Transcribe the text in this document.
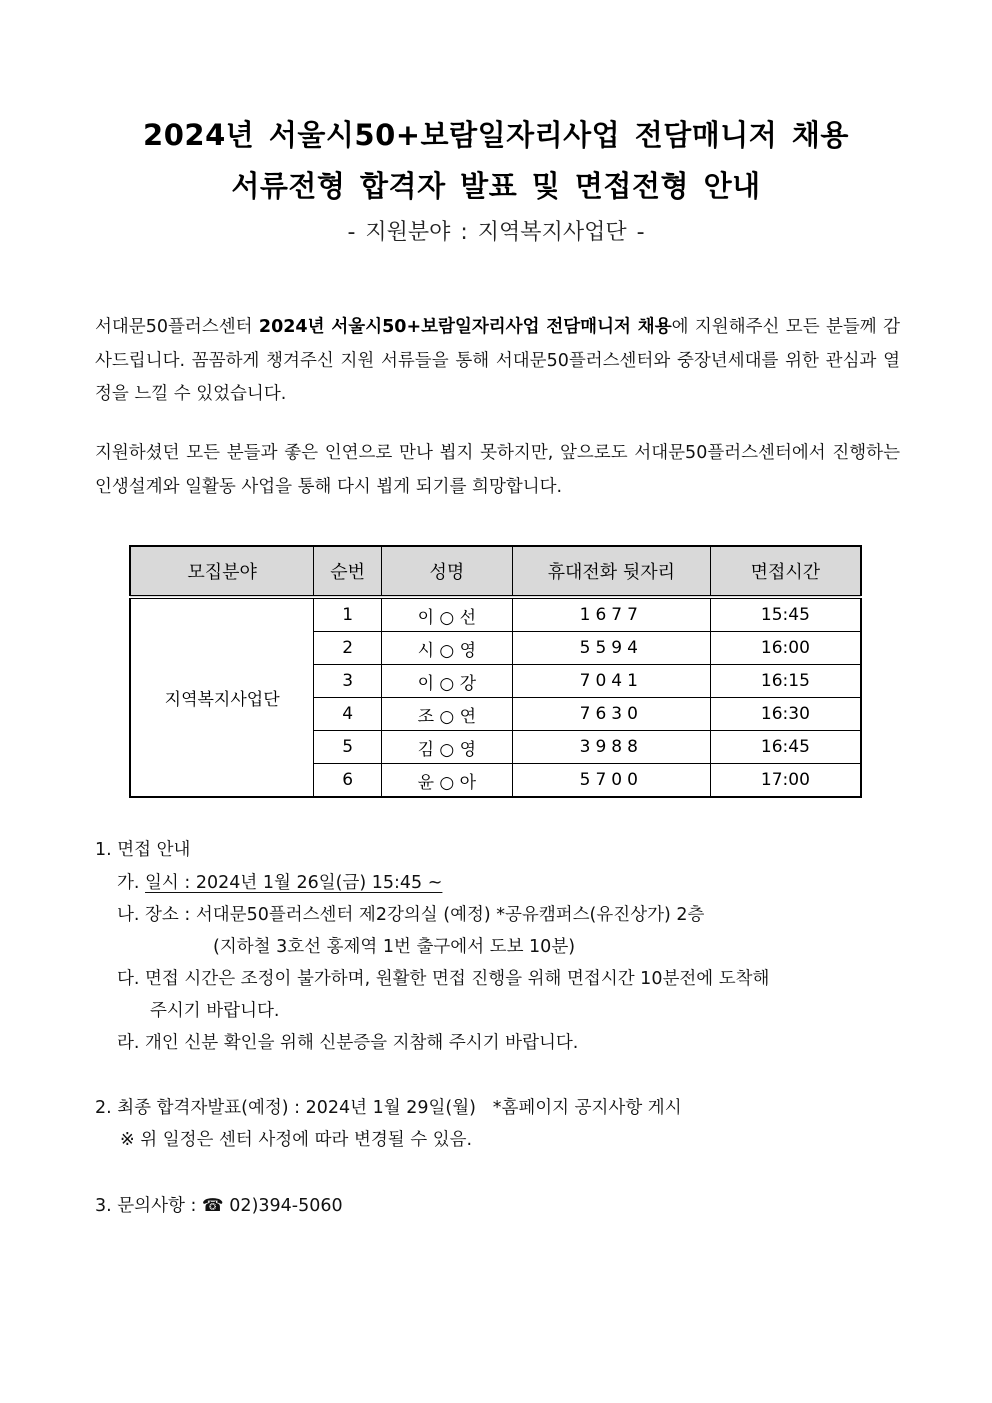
2024년 서울시50+보람일자리사업 전담매니저 채용
서류전형 합격자 발표 및 면접전형 안내
- 지원분야 : 지역복지사업단 -
서대문50플러스센터 2024년 서울시50+보람일자리사업 전담매니저 채용에 지원해주신 모든 분들께 감사드립니다. 꼼꼼하게 챙겨주신 지원 서류들을 통해 서대문50플러스센터와 중장년세대를 위한 관심과 열정을 느낄 수 있었습니다.
지원하셨던 모든 분들과 좋은 인연으로 만나 뵙지 못하지만, 앞으로도 서대문50플러스센터에서 진행하는 인생설계와 일활동 사업을 통해 다시 뵙게 되기를 희망합니다.
모집분야	순번	성명	휴대전화 뒷자리	면접시간
지역복지사업단	1	이 ○ 선	1677	15:45
	2	시 ○ 영	5594	16:00
	3	이 ○ 강	7041	16:15
	4	조 ○ 연	7630	16:30
	5	김 ○ 영	3988	16:45
	6	윤 ○ 아	5700	17:00
1. 면접 안내
가. 일시 : 2024년 1월 26일(금) 15:45 ~
나. 장소 : 서대문50플러스센터 제2강의실 (예정) *공유캠퍼스(유진상가) 2층
(지하철 3호선 홍제역 1번 출구에서 도보 10분)
다. 면접 시간은 조정이 불가하며, 원활한 면접 진행을 위해 면접시간 10분전에 도착해
주시기 바랍니다.
라. 개인 신분 확인을 위해 신분증을 지참해 주시기 바랍니다.
2. 최종 합격자발표(예정) : 2024년 1월 29일(월) *홈페이지 공지사항 게시
※ 위 일정은 센터 사정에 따라 변경될 수 있음.
3. 문의사항 : ☎ 02)394-5060
